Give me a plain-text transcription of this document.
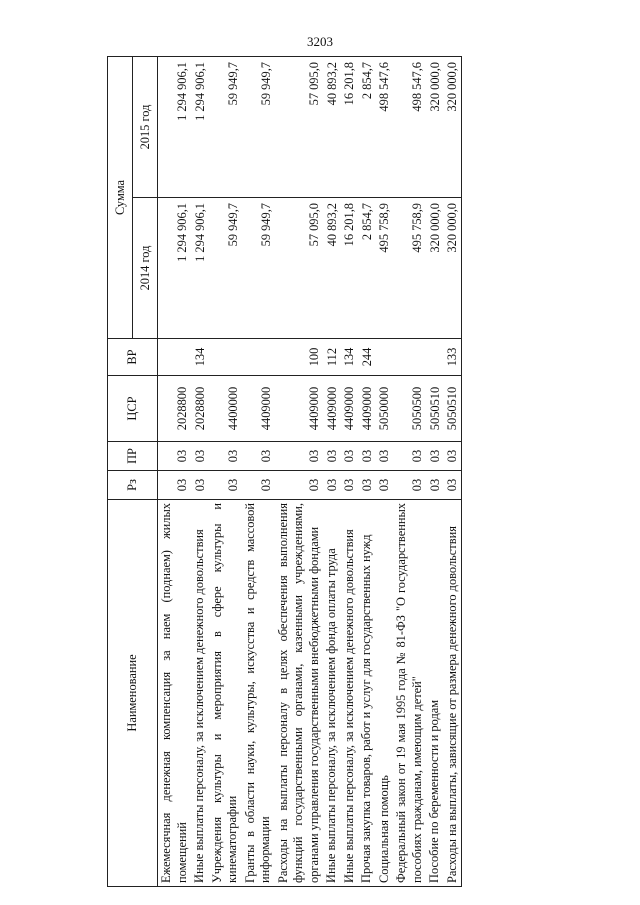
3203
Наименование	Рз	ПР	ЦСР	ВР	Сумма	
					2014 год	2015 год
Ежемесячная денежная компенсация за наем (поднаем) жилых помещений	03	03	2028800		1 294 906,1	1 294 906,1
Иные выплаты персоналу, за исключением денежного довольствия	03	03	2028800	134	1 294 906,1	1 294 906,1
Учреждения культуры и мероприятия в сфере культуры и кинематографии	03	03	4400000		59 949,7	59 949,7
Гранты в области науки, культуры, искусства и средств массовой информации	03	03	4409000		59 949,7	59 949,7
Расходы на выплаты персоналу в целях обеспечения выполнения функций государственными органами, казенными учреждениями, органами управления государственными внебюджетными фондами	03	03	4409000	100	57 095,0	57 095,0
Иные выплаты персоналу, за исключением фонда оплаты труда	03	03	4409000	112	40 893,2	40 893,2
Иные выплаты персоналу, за исключением денежного довольствия	03	03	4409000	134	16 201,8	16 201,8
Прочая закупка товаров, работ и услуг для государственных нужд	03	03	4409000	244	2 854,7	2 854,7
Социальная помощь	03	03	5050000		495 758,9	498 547,6
Федеральный закон от 19 мая 1995 года № 81-ФЗ "О государственных пособиях гражданам, имеющим детей"	03	03	5050500		495 758,9	498 547,6
Пособие по беременности и родам	03	03	5050510		320 000,0	320 000,0
Расходы на выплаты, зависящие от размера денежного довольствия	03	03	5050510	133	320 000,0	320 000,0
